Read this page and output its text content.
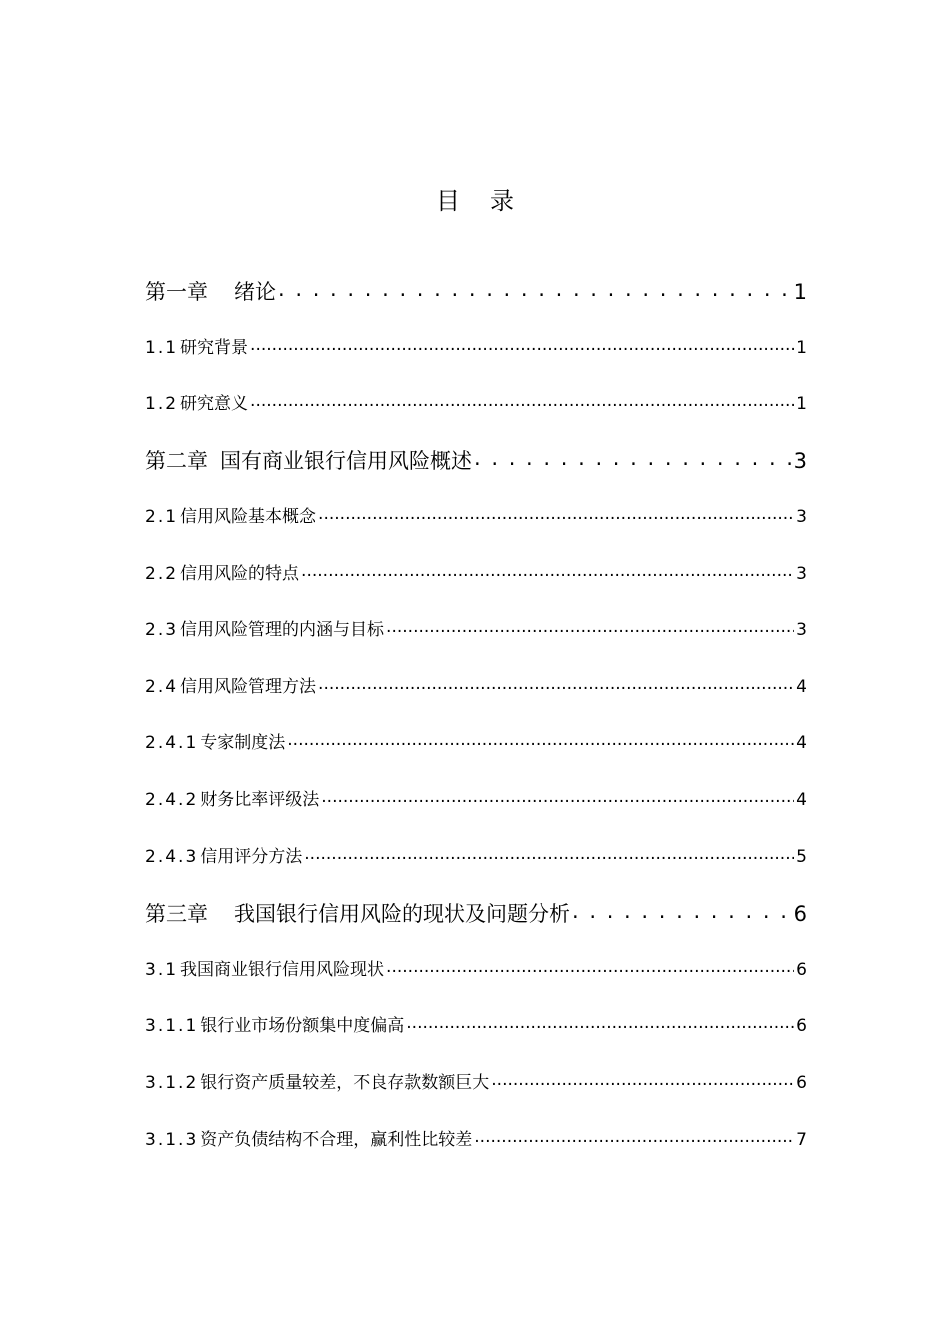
目录
第一章 绪论 . . .	1
1.1 研究背景 .....	1
1.2 研究意义 .....	1
第二章 国有商业银行信用风险概述 . . .	3
2.1 信用风险基本概念 .....	3
2.2 信用风险的特点 .....	3
2.3 信用风险管理的内涵与目标 .....	3
2.4 信用风险管理方法 .....	4
2.4.1 专家制度法 .....	4
2.4.2 财务比率评级法 .....	4
2.4.3 信用评分方法 .....	5
第三章 我国银行信用风险的现状及问题分析 . . .	6
3.1 我国商业银行信用风险现状 .....	6
3.1.1 银行业市场份额集中度偏高 .....	6
3.1.2 银行资产质量较差，不良存款数额巨大 .....	6
3.1.3 资产负债结构不合理，赢利性比较差 .....	7
